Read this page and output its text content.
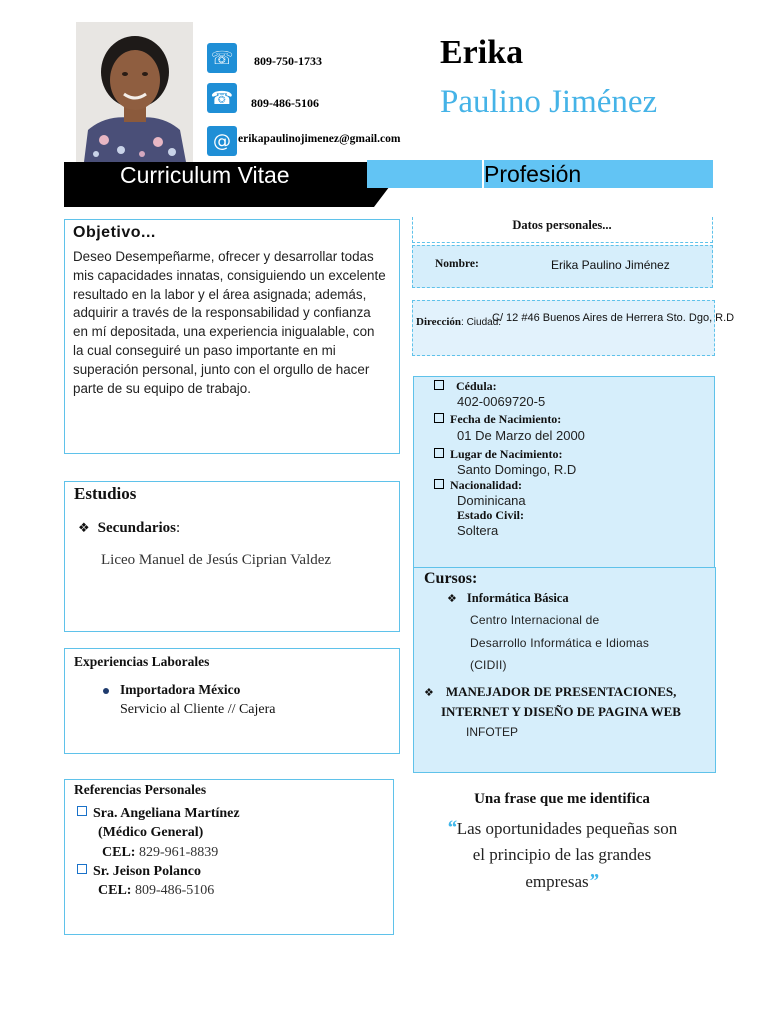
☏	809-750-1733
☎	809-486-5106
@ erikapaulinojimenez@gmail.com
Erika
Paulino Jiménez
Curriculum Vitae	Profesión
Objetivo...
Deseo Desempeñarme, ofrecer y desarrollar todas mis capacidades innatas, consiguiendo un excelente resultado en la labor y el área asignada; además, adquirir a través de la responsabilidad y confianza en mí depositada, una experiencia inigualable, con la cual conseguiré un paso importante en mi superación personal, junto con el orgullo de hacer parte de su equipo de trabajo.
Estudios
❖ Secundarios:
Liceo Manuel de Jesús Ciprian Valdez
Experiencias Laborales
Importadora México
Servicio al Cliente // Cajera
Referencias Personales
Sra. Angeliana Martínez
(Médico General)
CEL: 829-961-8839
Sr. Jeison Polanco
CEL: 809-486-5106
Datos personales...
Nombre:	Erika Paulino Jiménez
Dirección: Ciudad:
C/ 12 #46 Buenos Aires de Herrera Sto. Dgo, R.D
Cédula:
402-0069720-5
Fecha de Nacimiento:
01 De Marzo del 2000
Lugar de Nacimiento:
Santo Domingo, R.D
Nacionalidad:
Dominicana
Estado Civil:
Soltera
Cursos:
❖ Informática Básica
Centro Internacional de
Desarrollo Informática e Idiomas
(CIDII)
❖ MANEJADOR DE PRESENTACIONES,
INTERNET Y DISEÑO DE PAGINA WEB
INFOTEP
Una frase que me identifica
“Las oportunidades pequeñas son
el principio de las grandes
empresas”
